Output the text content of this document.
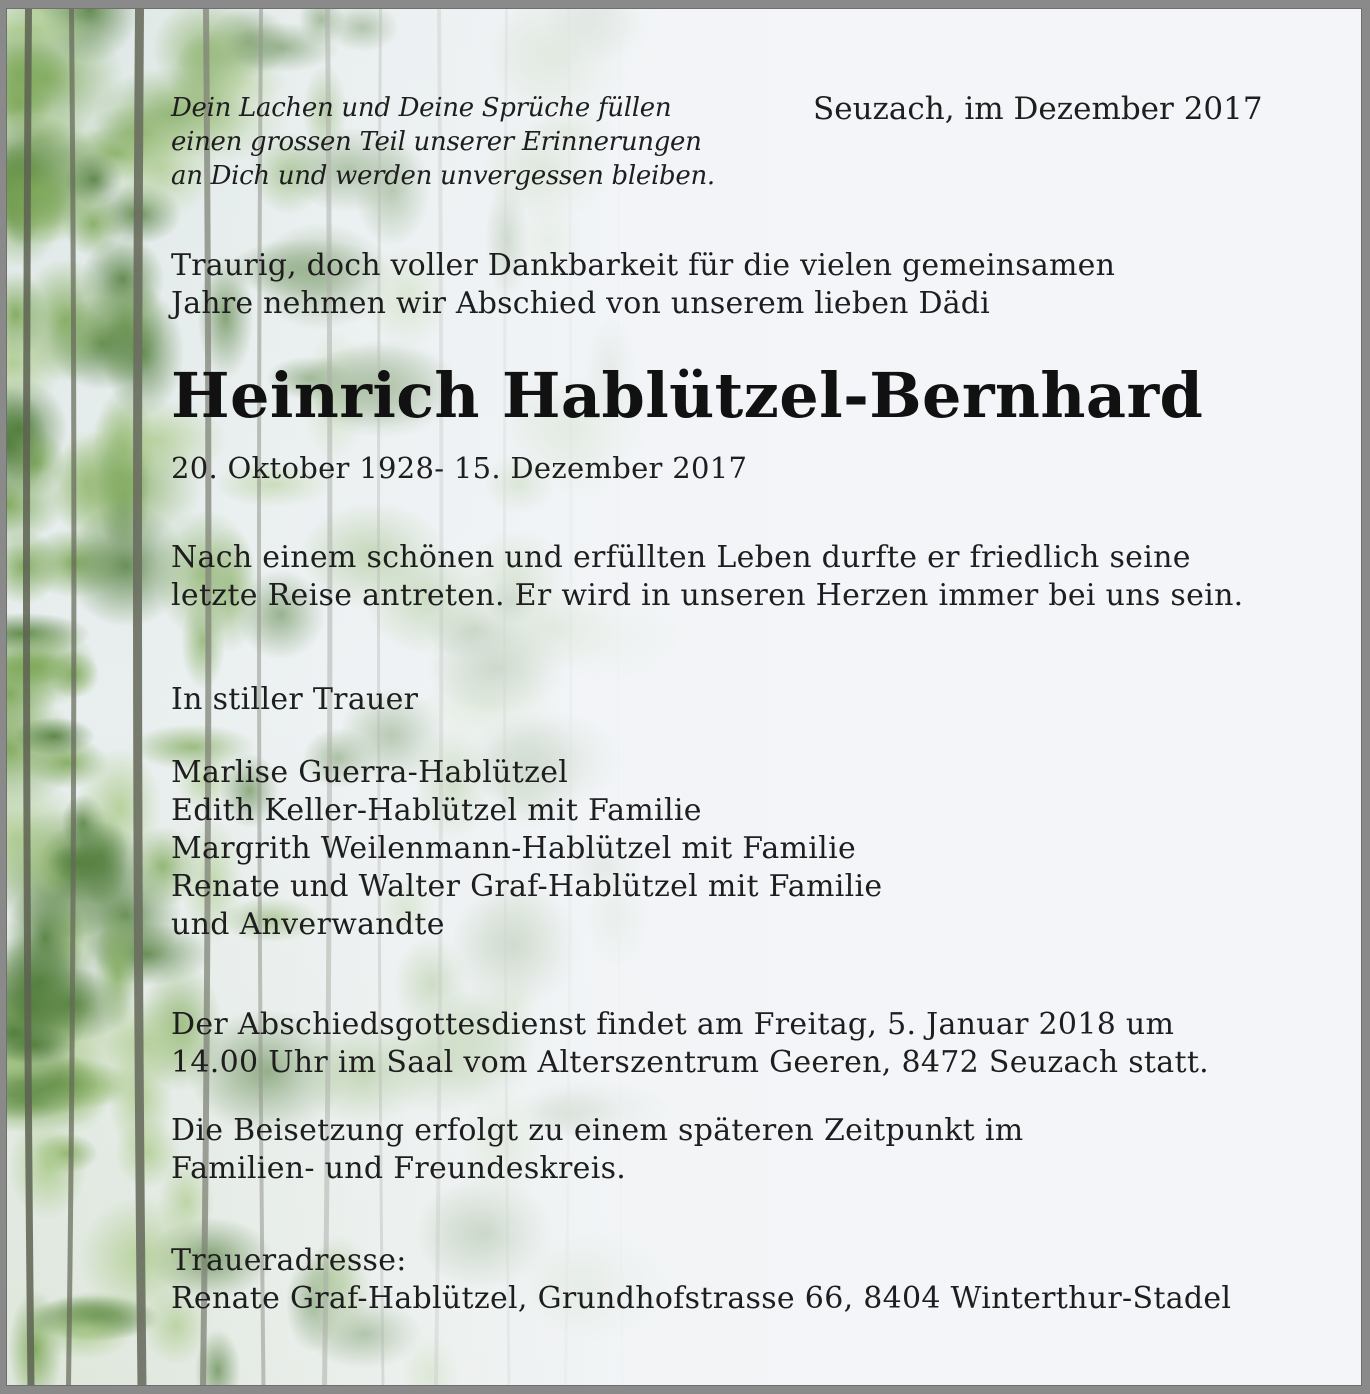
Dein Lachen und Deine Sprüche füllen
einen grossen Teil unserer Erinnerungen
an Dich und werden unvergessen bleiben.
Seuzach, im Dezember 2017
Traurig, doch voller Dankbarkeit für die vielen gemeinsamen
Jahre nehmen wir Abschied von unserem lieben Dädi
Heinrich Hablützel-Bernhard
20. Oktober 1928- 15. Dezember 2017
Nach einem schönen und erfüllten Leben durfte er friedlich seine
letzte Reise antreten. Er wird in unseren Herzen immer bei uns sein.
In stiller Trauer
Marlise Guerra-Hablützel
Edith Keller-Hablützel mit Familie
Margrith Weilenmann-Hablützel mit Familie
Renate und Walter Graf-Hablützel mit Familie
und Anverwandte
Der Abschiedsgottesdienst findet am Freitag, 5. Januar 2018 um
14.00 Uhr im Saal vom Alterszentrum Geeren, 8472 Seuzach statt.
Die Beisetzung erfolgt zu einem späteren Zeitpunkt im
Familien- und Freundeskreis.
Traueradresse:
Renate Graf-Hablützel, Grundhofstrasse 66, 8404 Winterthur-Stadel
